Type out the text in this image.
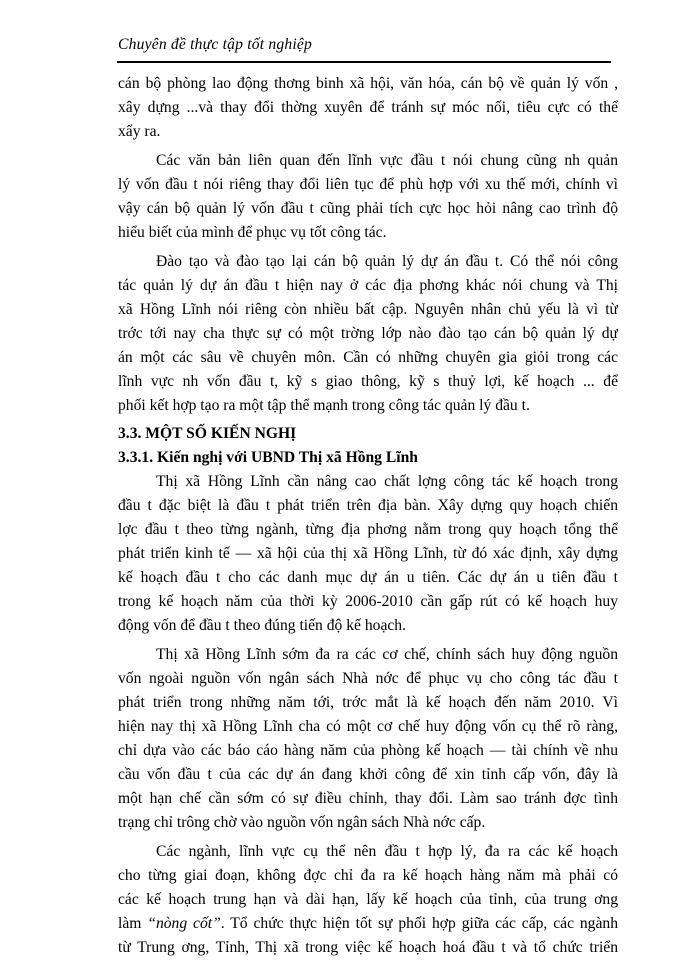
Chuyên đề thực tập tốt nghiệp
cán bộ phòng lao động thơng binh xã hội, văn hóa, cán bộ về quản lý vốn ,
xây dựng ...và thay đổi thờng xuyên để tránh sự móc nối, tiêu cực có thể
xẩy ra.
Các văn bản liên quan đến lĩnh vực đầu t nói chung cũng nh quản
lý vốn đầu t nói riêng thay đổi liên tục để phù hợp với xu thế mới, chính vì
vậy cán bộ quản lý vốn đầu t cũng phải tích cực học hỏi nâng cao trình độ
hiểu biết của mình để phục vụ tốt công tác.
Đào tạo và đào tạo lại cán bộ quản lý dự án đầu t. Có thể nói công
tác quản lý dự án đầu t hiện nay ở các địa phơng khác nói chung và Thị
xã Hồng Lĩnh nói riêng còn nhiều bất cập. Nguyên nhân chủ yếu là vì từ
trớc tới nay cha thực sự có một trờng lớp nào đào tạo cán bộ quản lý dự
án một các sâu về chuyên môn. Cần có những chuyên gia giỏi trong các
lĩnh vực nh vốn đầu t, kỹ s giao thông, kỹ s thuỷ lợi, kế hoạch ... để
phối kết hợp tạo ra một tập thể mạnh trong công tác quản lý đầu t.
3.3. MỘT SỐ KIẾN NGHỊ
3.3.1. Kiến nghị với UBND Thị xã Hồng Lĩnh
Thị xã Hồng Lĩnh cần nâng cao chất lợng công tác kế hoạch trong
đầu t đặc biệt là đầu t phát triển trên địa bàn. Xây dựng quy hoạch chiến
lợc đầu t theo từng ngành, từng địa phơng nằm trong quy hoạch tổng thể
phát triển kinh tế — xã hội của thị xã Hồng Lĩnh, từ đó xác định, xây dựng
kế hoạch đầu t cho các danh mục dự án u tiên. Các dự án u tiên đầu t
trong kế hoạch năm của thời kỳ 2006-2010 cần gấp rút có kế hoạch huy
động vốn để đầu t theo đúng tiến độ kế hoạch.
Thị xã Hồng Lĩnh sớm đa ra các cơ chế, chính sách huy động nguồn
vốn ngoài nguồn vốn ngân sách Nhà nớc để phục vụ cho công tác đầu t
phát triển trong những năm tới, trớc mắt là kế hoạch đến năm 2010. Vì
hiện nay thị xã Hồng Lĩnh cha có một cơ chế huy động vốn cụ thể rõ ràng,
chỉ dựa vào các báo cáo hàng năm của phòng kế hoạch — tài chính về nhu
cầu vốn đầu t của các dự án đang khởi công để xin tỉnh cấp vốn, đây là
một hạn chế cần sớm có sự điều chỉnh, thay đổi. Làm sao tránh đợc tình
trạng chỉ trông chờ vào nguồn vốn ngân sách Nhà nớc cấp.
Các ngành, lĩnh vực cụ thể nên đầu t hợp lý, đa ra các kế hoạch
cho từng giai đoạn, không đợc chỉ đa ra kế hoạch hàng năm mà phải có
các kế hoạch trung hạn và dài hạn, lấy kế hoạch của tỉnh, của trung ơng
làm “nòng cốt”. Tổ chức thực hiện tốt sự phối hợp giữa các cấp, các ngành
từ Trung ơng, Tỉnh, Thị xã trong việc kế hoạch hoá đầu t và tổ chức triển
